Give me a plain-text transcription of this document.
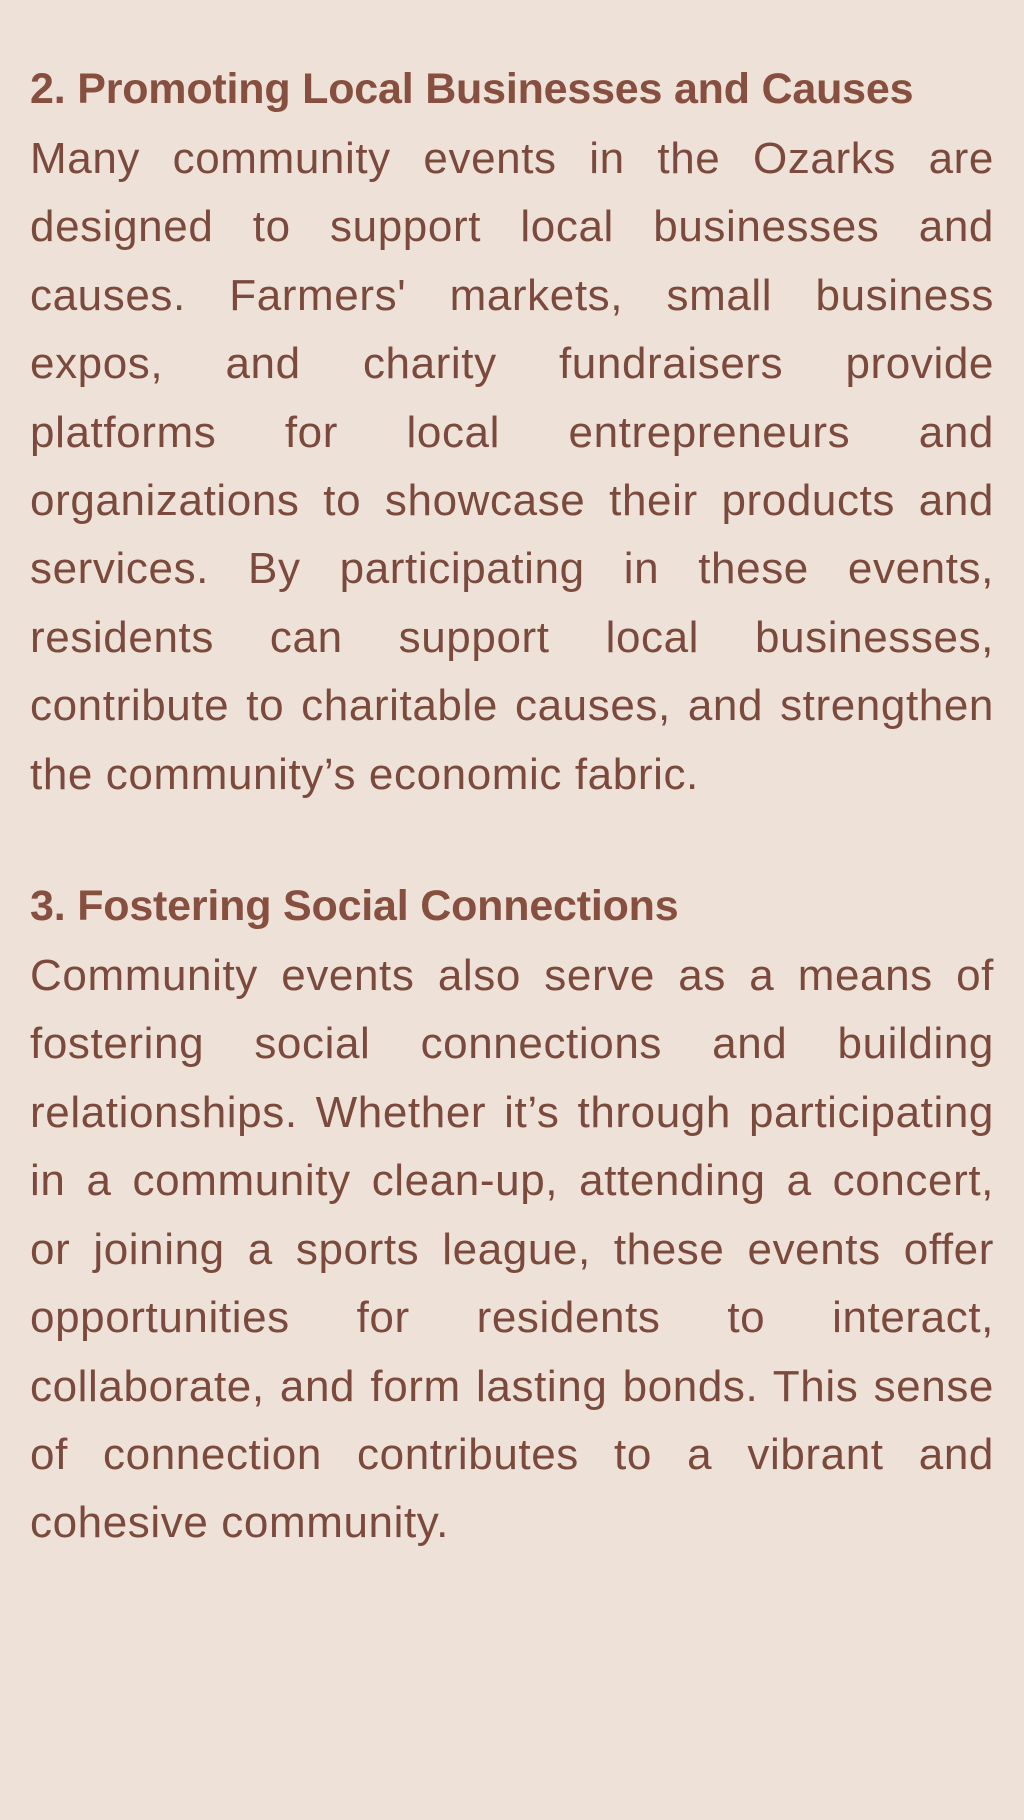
2. Promoting Local Businesses and Causes

Many community events in the Ozarks are designed to support local businesses and causes. Farmers' markets, small business expos, and charity fundraisers provide platforms for local entrepreneurs and organizations to showcase their products and services. By participating in these events, residents can support local businesses, contribute to charitable causes, and strengthen the community’s economic fabric.

3. Fostering Social Connections

Community events also serve as a means of fostering social connections and building relationships. Whether it’s through participating in a community clean-up, attending a concert, or joining a sports league, these events offer opportunities for residents to interact, collaborate, and form lasting bonds. This sense of connection contributes to a vibrant and cohesive community.
